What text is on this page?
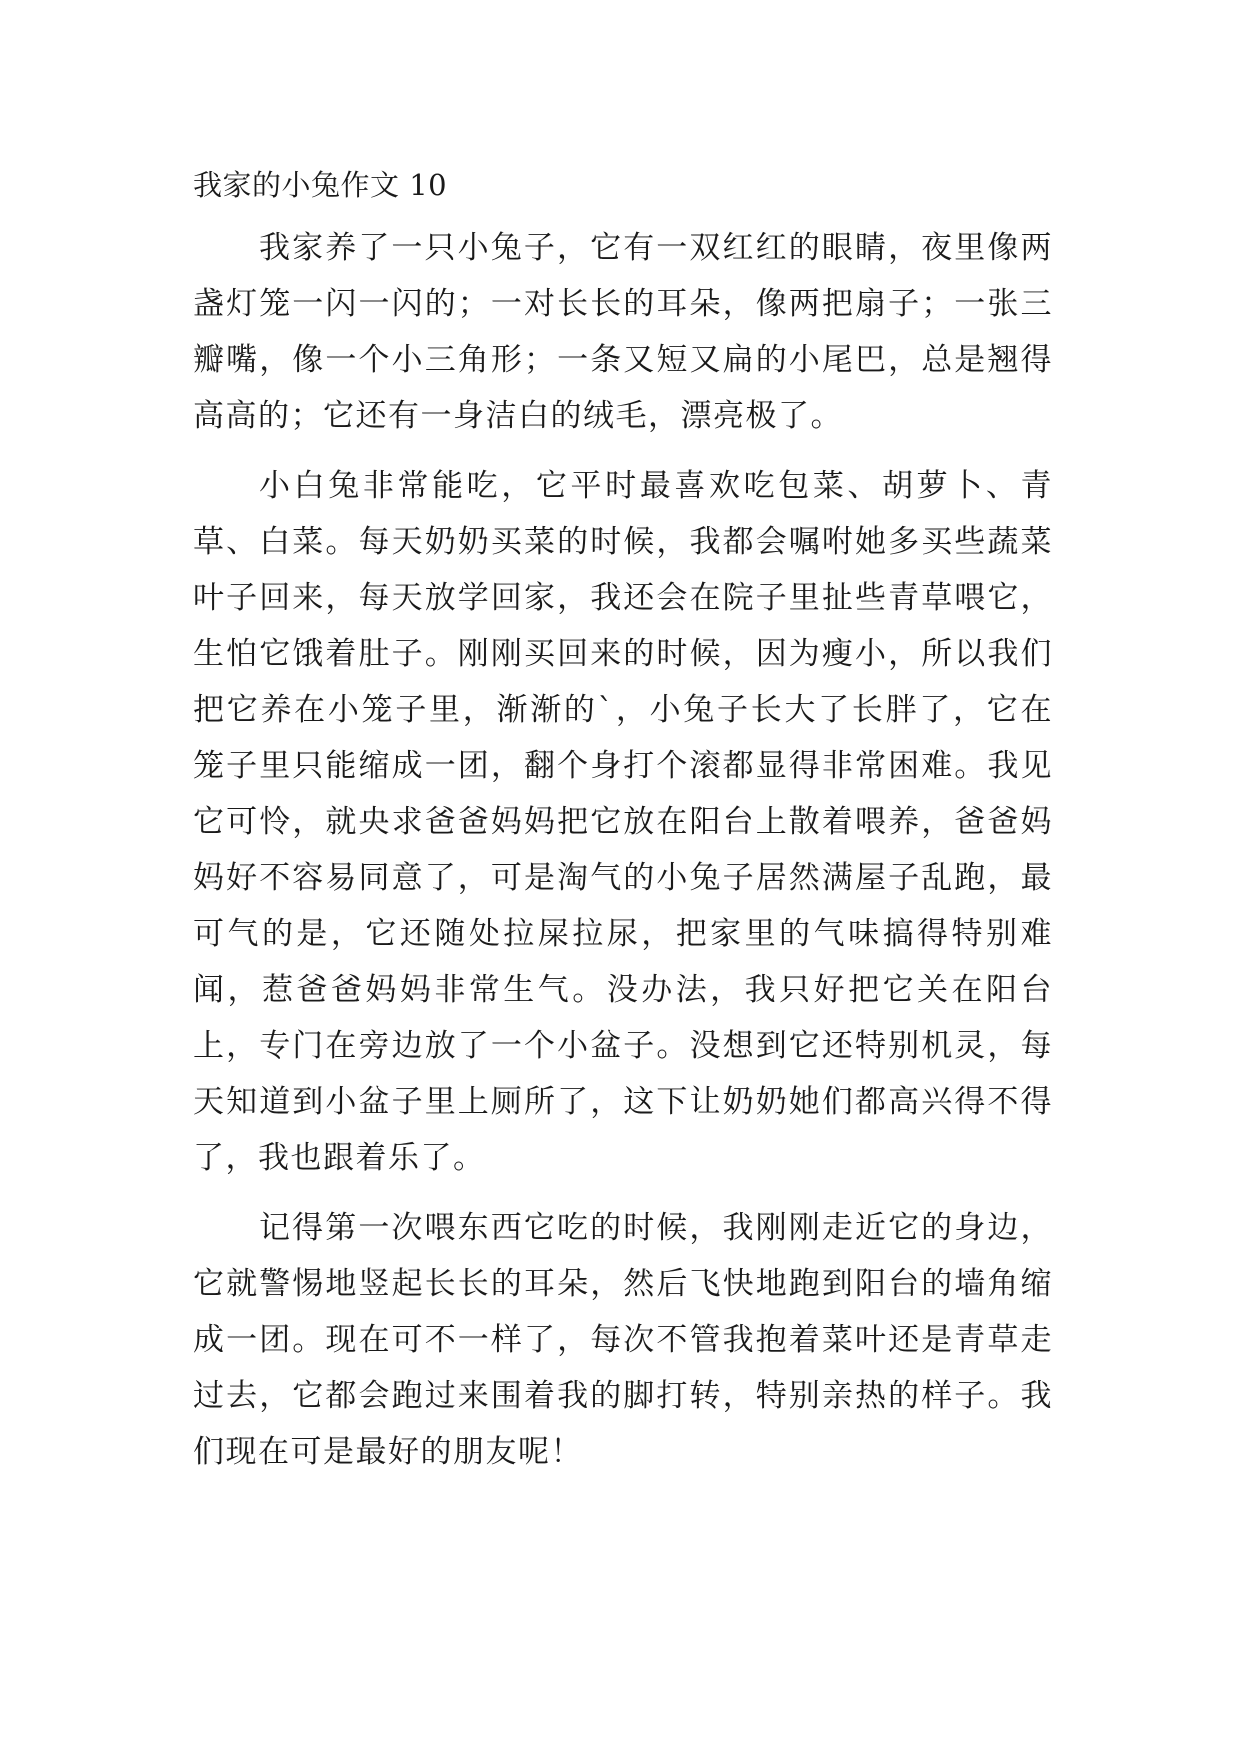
我家的小兔作文 10

我家养了一只小兔子，它有一双红红的眼睛，夜里像两盏灯笼一闪一闪的；一对长长的耳朵，像两把扇子；一张三瓣嘴，像一个小三角形；一条又短又扁的小尾巴，总是翘得高高的；它还有一身洁白的绒毛，漂亮极了。

小白兔非常能吃，它平时最喜欢吃包菜、胡萝卜、青草、白菜。每天奶奶买菜的时候，我都会嘱咐她多买些蔬菜叶子回来，每天放学回家，我还会在院子里扯些青草喂它，生怕它饿着肚子。刚刚买回来的时候，因为瘦小，所以我们把它养在小笼子里，渐渐的`，小兔子长大了长胖了，它在笼子里只能缩成一团，翻个身打个滚都显得非常困难。我见它可怜，就央求爸爸妈妈把它放在阳台上散着喂养，爸爸妈妈好不容易同意了，可是淘气的小兔子居然满屋子乱跑，最可气的是，它还随处拉屎拉尿，把家里的气味搞得特别难闻，惹爸爸妈妈非常生气。没办法，我只好把它关在阳台上，专门在旁边放了一个小盆子。没想到它还特别机灵，每天知道到小盆子里上厕所了，这下让奶奶她们都高兴得不得了，我也跟着乐了。

记得第一次喂东西它吃的时候，我刚刚走近它的身边，它就警惕地竖起长长的耳朵，然后飞快地跑到阳台的墙角缩成一团。现在可不一样了，每次不管我抱着菜叶还是青草走过去，它都会跑过来围着我的脚打转，特别亲热的样子。我们现在可是最好的朋友呢！
